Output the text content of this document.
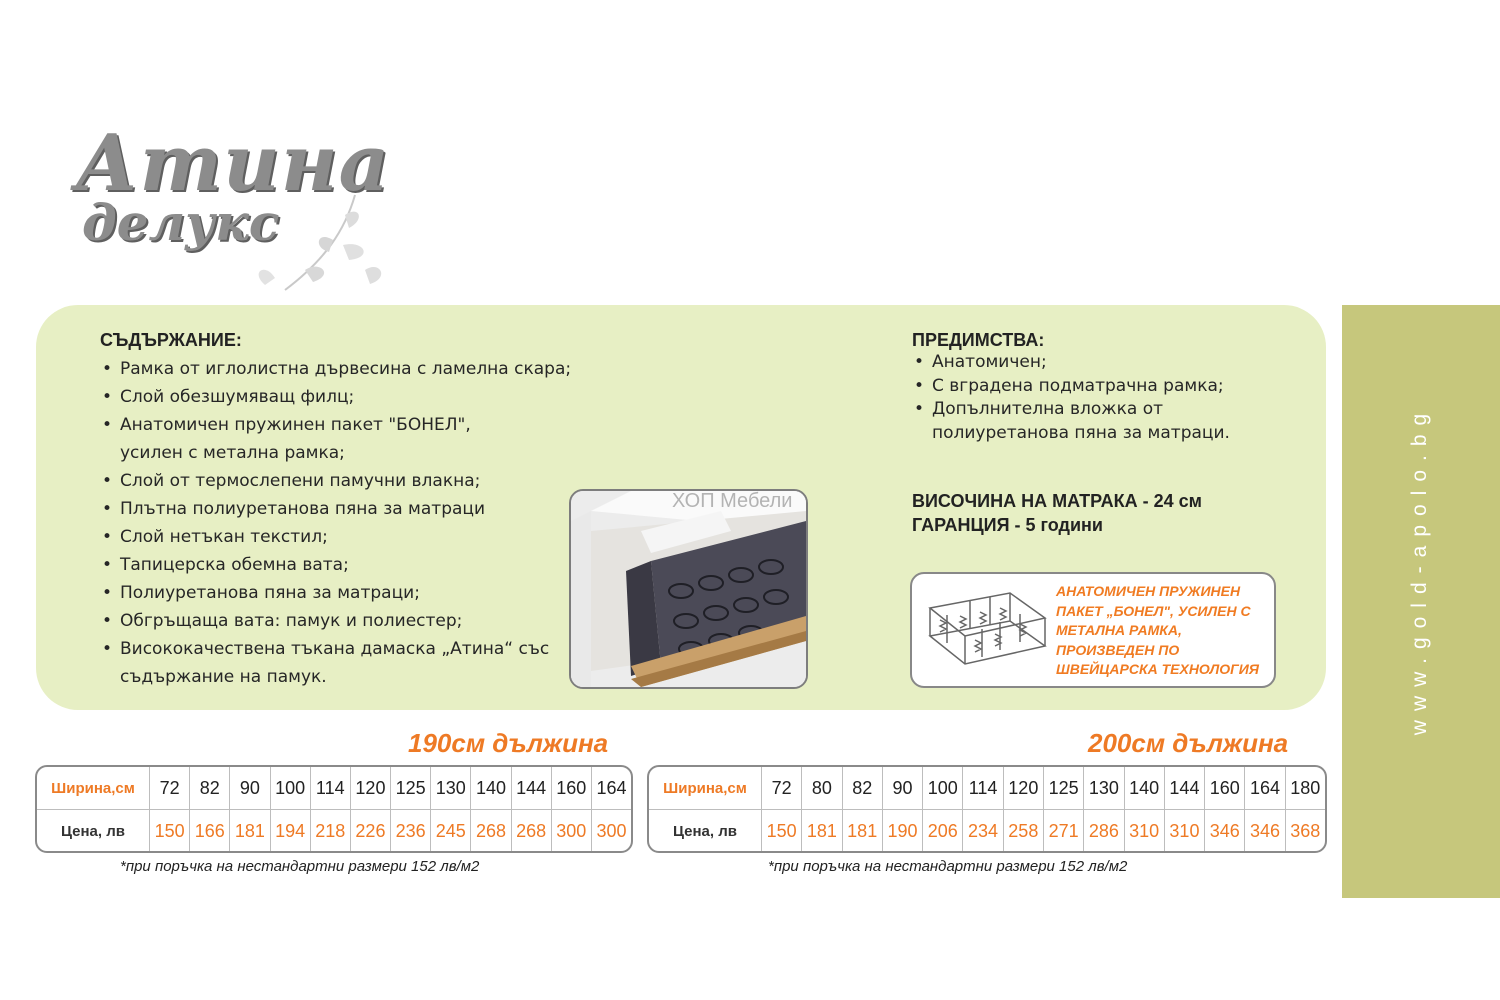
Атина
делукс
СЪДЪРЖАНИЕ:
• Рамка от иглолистна дървесина с ламелна скара;
• Слой обезшумяващ филц;
• Анатомичен пружинен пакет "БОНЕЛ", усилен с метална рамка;
• Слой от термослепени памучни влакна;
• Плътна полиуретанова пяна за матраци
• Слой нетъкан текстил;
• Тапицерска обемна вата;
• Полиуретанова пяна за матраци;
• Обгръщаща вата: памук и полиестер;
• Висококачествена тъкана дамаска „Атина“ със съдържание на памук.
ПРЕДИМСТВА:
• Анатомичен;
• С вградена подматрачна рамка;
• Допълнителна вложка от полиуретанова пяна за матраци.
ВИСОЧИНА НА МАТРАКА - 24 см
ГАРАНЦИЯ - 5 години
ХОП Мебели
АНАТОМИЧЕН ПРУЖИНЕН ПАКЕТ „БОНЕЛ", УСИЛЕН С МЕТАЛНА РАМКА, ПРОИЗВЕДЕН ПО ШВЕЙЦАРСКА ТЕХНОЛОГИЯ	www.gold-apolo.bg
190см дължина
Ширина,см	72	82	90 100 114 120 125 130 140 144 160 164
Цена, лв	150 166 181 194 218 226 236 245 268 268 300 300
*при поръчка на нестандартни размери 152 лв/м2
200см дължина
Ширина,см	72	80	82	90 100 114 120 125 130 140 144 160 164 180
Цена, лв	150 181 181 190 206 234 258 271 286 310 310 346 346 368
*при поръчка на нестандартни размери 152 лв/м2
